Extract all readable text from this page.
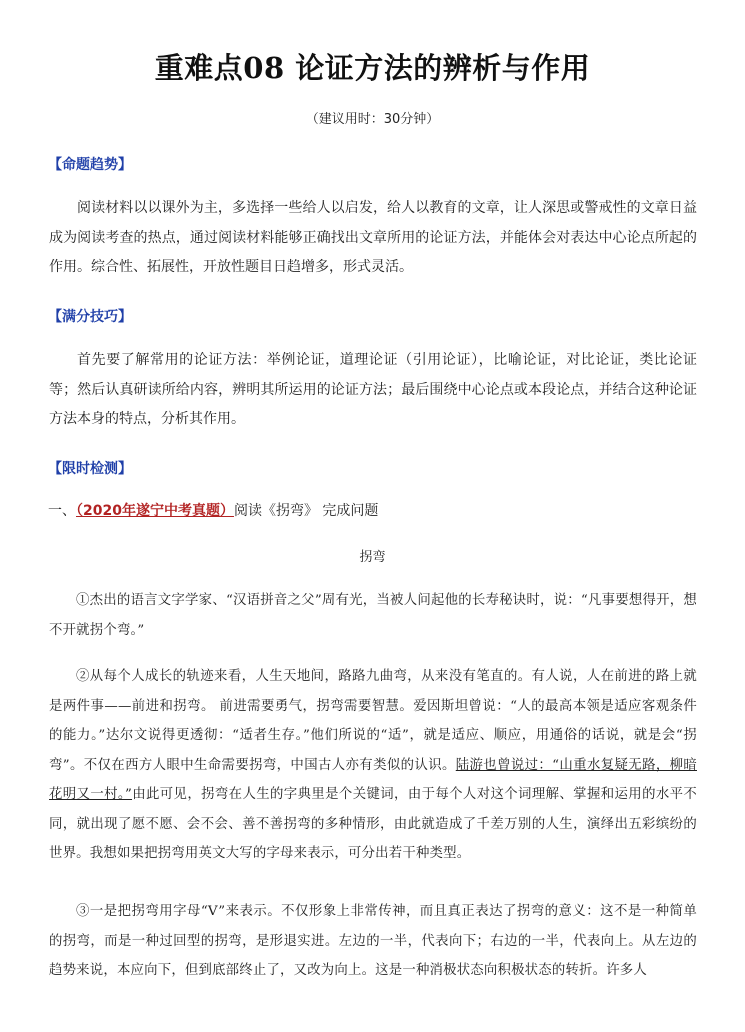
重难点08 论证方法的辨析与作用
（建议用时：30分钟）
【命题趋势】
阅读材料以以课外为主，多选择一些给人以启发，给人以教育的文章，让人深思或警戒性的文章日益成为阅读考查的热点，通过阅读材料能够正确找出文章所用的论证方法，并能体会对表达中心论点所起的作用。综合性、拓展性，开放性题目日趋增多，形式灵活。
【满分技巧】
首先要了解常用的论证方法：举例论证，道理论证（引用论证），比喻论证，对比论证，类比论证等；然后认真研读所给内容，辨明其所运用的论证方法；最后围绕中心论点或本段论点，并结合这种论证方法本身的特点，分析其作用。
【限时检测】
一、（2020年遂宁中考真题）阅读《拐弯》 完成问题
拐弯
①杰出的语言文字学家、“汉语拼音之父”周有光，当被人问起他的长寿秘诀时，说：“凡事要想得开，想不开就拐个弯。”
②从每个人成长的轨迹来看，人生天地间，路路九曲弯，从来没有笔直的。有人说，人在前进的路上就是两件事——前进和拐弯。 前进需要勇气，拐弯需要智慧。爱因斯坦曾说：“人的最高本领是适应客观条件的能力。”达尔文说得更透彻：“适者生存。”他们所说的“适”，就是适应、顺应，用通俗的话说，就是会“拐弯”。不仅在西方人眼中生命需要拐弯，中国古人亦有类似的认识。陆游也曾说过：“山重水复疑无路，柳暗花明又一村。”由此可见，拐弯在人生的字典里是个关键词，由于每个人对这个词理解、掌握和运用的水平不同，就出现了愿不愿、会不会、善不善拐弯的多种情形，由此就造成了千差万别的人生，演绎出五彩缤纷的世界。我想如果把拐弯用英文大写的字母来表示，可分出若干种类型。
③一是把拐弯用字母“V”来表示。不仅形象上非常传神，而且真正表达了拐弯的意义：这不是一种简单的拐弯，而是一种过回型的拐弯，是形退实进。左边的一半，代表向下；右边的一半，代表向上。从左边的趋势来说，本应向下，但到底部终止了，又改为向上。这是一种消极状态向积极状态的转折。许多人
